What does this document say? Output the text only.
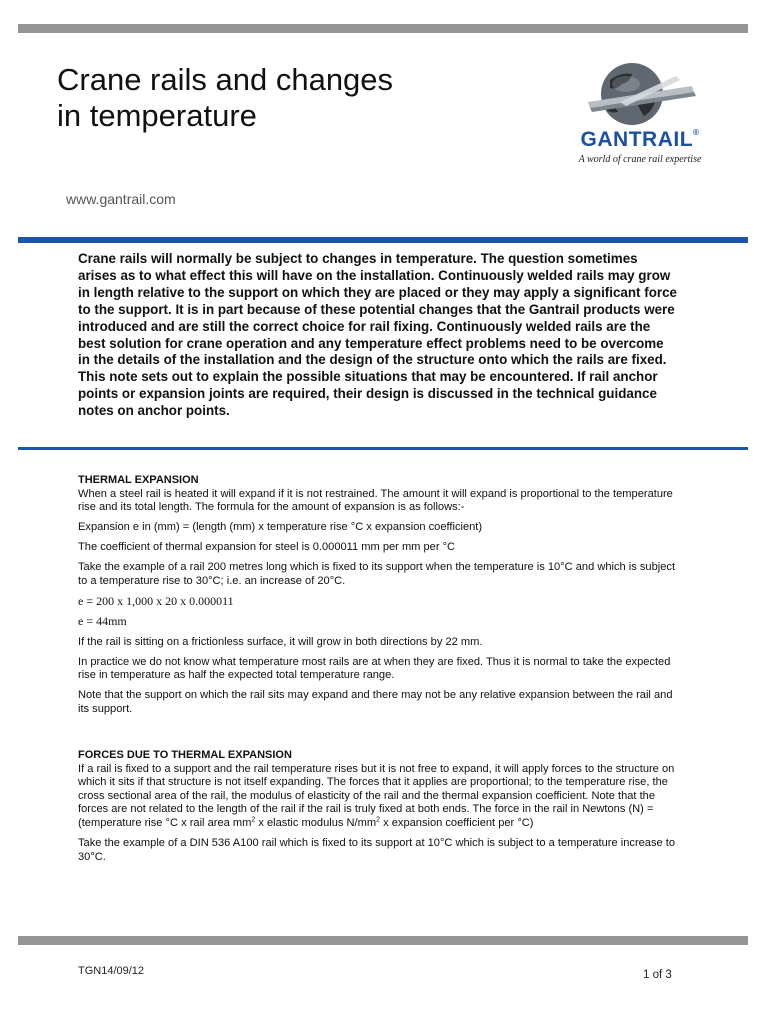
Crane rails and changes
in temperature
www.gantrail.com
GANTRAIL®
A world of crane rail expertise
Crane rails will normally be subject to changes in temperature. The question sometimes arises as to what effect this will have on the installation. Continuously welded rails may grow in length relative to the support on which they are placed or they may apply a significant force to the support. It is in part because of these potential changes that the Gantrail products were introduced and are still the correct choice for rail fixing. Continuously welded rails are the best solution for crane operation and any temperature effect problems need to be overcome in the details of the installation and the design of the structure onto which the rails are fixed. This note sets out to explain the possible situations that may be encountered. If rail anchor points or expansion joints are required, their design is discussed in the technical guidance notes on anchor points.
THERMAL EXPANSION

When a steel rail is heated it will expand if it is not restrained. The amount it will expand is proportional to the temperature rise and its total length. The formula for the amount of expansion is as follows:-

Expansion e in (mm) = (length (mm) x temperature rise °C x expansion coefficient)

The coefficient of thermal expansion for steel is 0.000011 mm per mm per °C

Take the example of a rail 200 metres long which is fixed to its support when the temperature is 10°C and which is subject to a temperature rise to 30°C; i.e. an increase of 20°C.

e = 200 x 1,000 x 20 x 0.000011

e = 44mm

If the rail is sitting on a frictionless surface, it will grow in both directions by 22 mm.

In practice we do not know what temperature most rails are at when they are fixed. Thus it is normal to take the expected rise in temperature as half the expected total temperature range.

Note that the support on which the rail sits may expand and there may not be any relative expansion between the rail and its support.

FORCES DUE TO THERMAL EXPANSION

If a rail is fixed to a support and the rail temperature rises but it is not free to expand, it will apply forces to the structure on which it sits if that structure is not itself expanding. The forces that it applies are proportional; to the temperature rise, the cross sectional area of the rail, the modulus of elasticity of the rail and the thermal expansion coefficient. Note that the forces are not related to the length of the rail if the rail is truly fixed at both ends. The force in the rail in Newtons (N) = (temperature rise °C x rail area $mm^2$ x elastic modulus $N/mm^2$ x expansion coefficient per °C)

Take the example of a DIN 536 A100 rail which is fixed to its support at 10°C which is subject to a temperature increase to 30°C.

TGN14/09/12	1 of 3
